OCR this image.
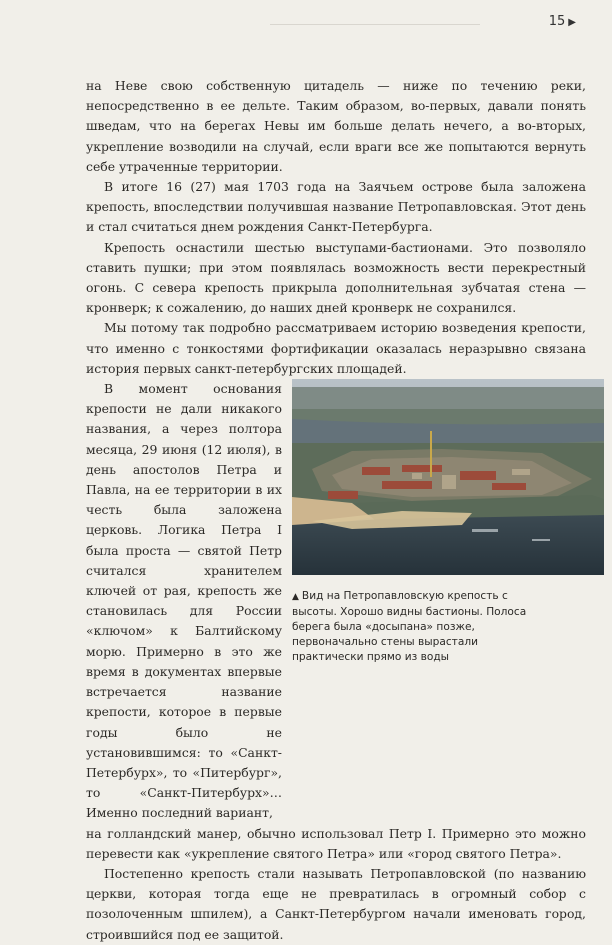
15 ▶

на Неве свою собственную цитадель — ниже по течению реки, непосредственно в ее дельте. Таким образом, во-первых, давали понять шведам, что на берегах Невы им больше делать нечего, а во-вторых, укрепление возводили на случай, если враги все же попытаются вернуть себе утраченные территории.

В итоге 16 (27) мая 1703 года на Заячьем острове была заложена крепость, впоследствии получившая название Петропавловская. Этот день и стал считаться днем рождения Санкт-Петербурга.

Крепость оснастили шестью выступами-бастионами. Это позволяло ставить пушки; при этом появлялась возможность вести перекрестный огонь. С севера крепость прикрыла дополнительная зубчатая стена — кронверк; к сожалению, до наших дней кронверк не сохранился.

Мы потому так подробно рассматриваем историю возведения крепости, что именно с тонкостями фортификации оказалась неразрывно связана история первых санкт-петербургских площадей.

В момент основания крепости не дали никакого названия, а через полтора месяца, 29 июня (12 июля), в день апостолов Петра и Павла, на ее территории в их честь была заложена церковь. Логика Петра I была проста — святой Петр считался хранителем ключей от рая, крепость же становилась для России «ключом» к Балтийскому морю. Примерно в это же время в документах впервые встречается название крепости, которое в первые годы было не установившимся: то «Санкт-Петербурх», то «Питербург», то «Санкт-Питербурх»… Именно последний вариант,

▲ Вид на Петропавловскую крепость с высоты. Хорошо видны бастионы. Полоса берега была «досыпана» позже, первоначально стены вырастали практически прямо из воды

на голландский манер, обычно использовал Петр I. Примерно это можно перевести как «укрепление святого Петра» или «город святого Петра».

Постепенно крепость стали называть Петропавловской (по названию церкви, которая тогда еще не превратилась в огромный собор с позолоченным шпилем), а Санкт-Петербургом начали именовать город, строившийся под ее защитой.
